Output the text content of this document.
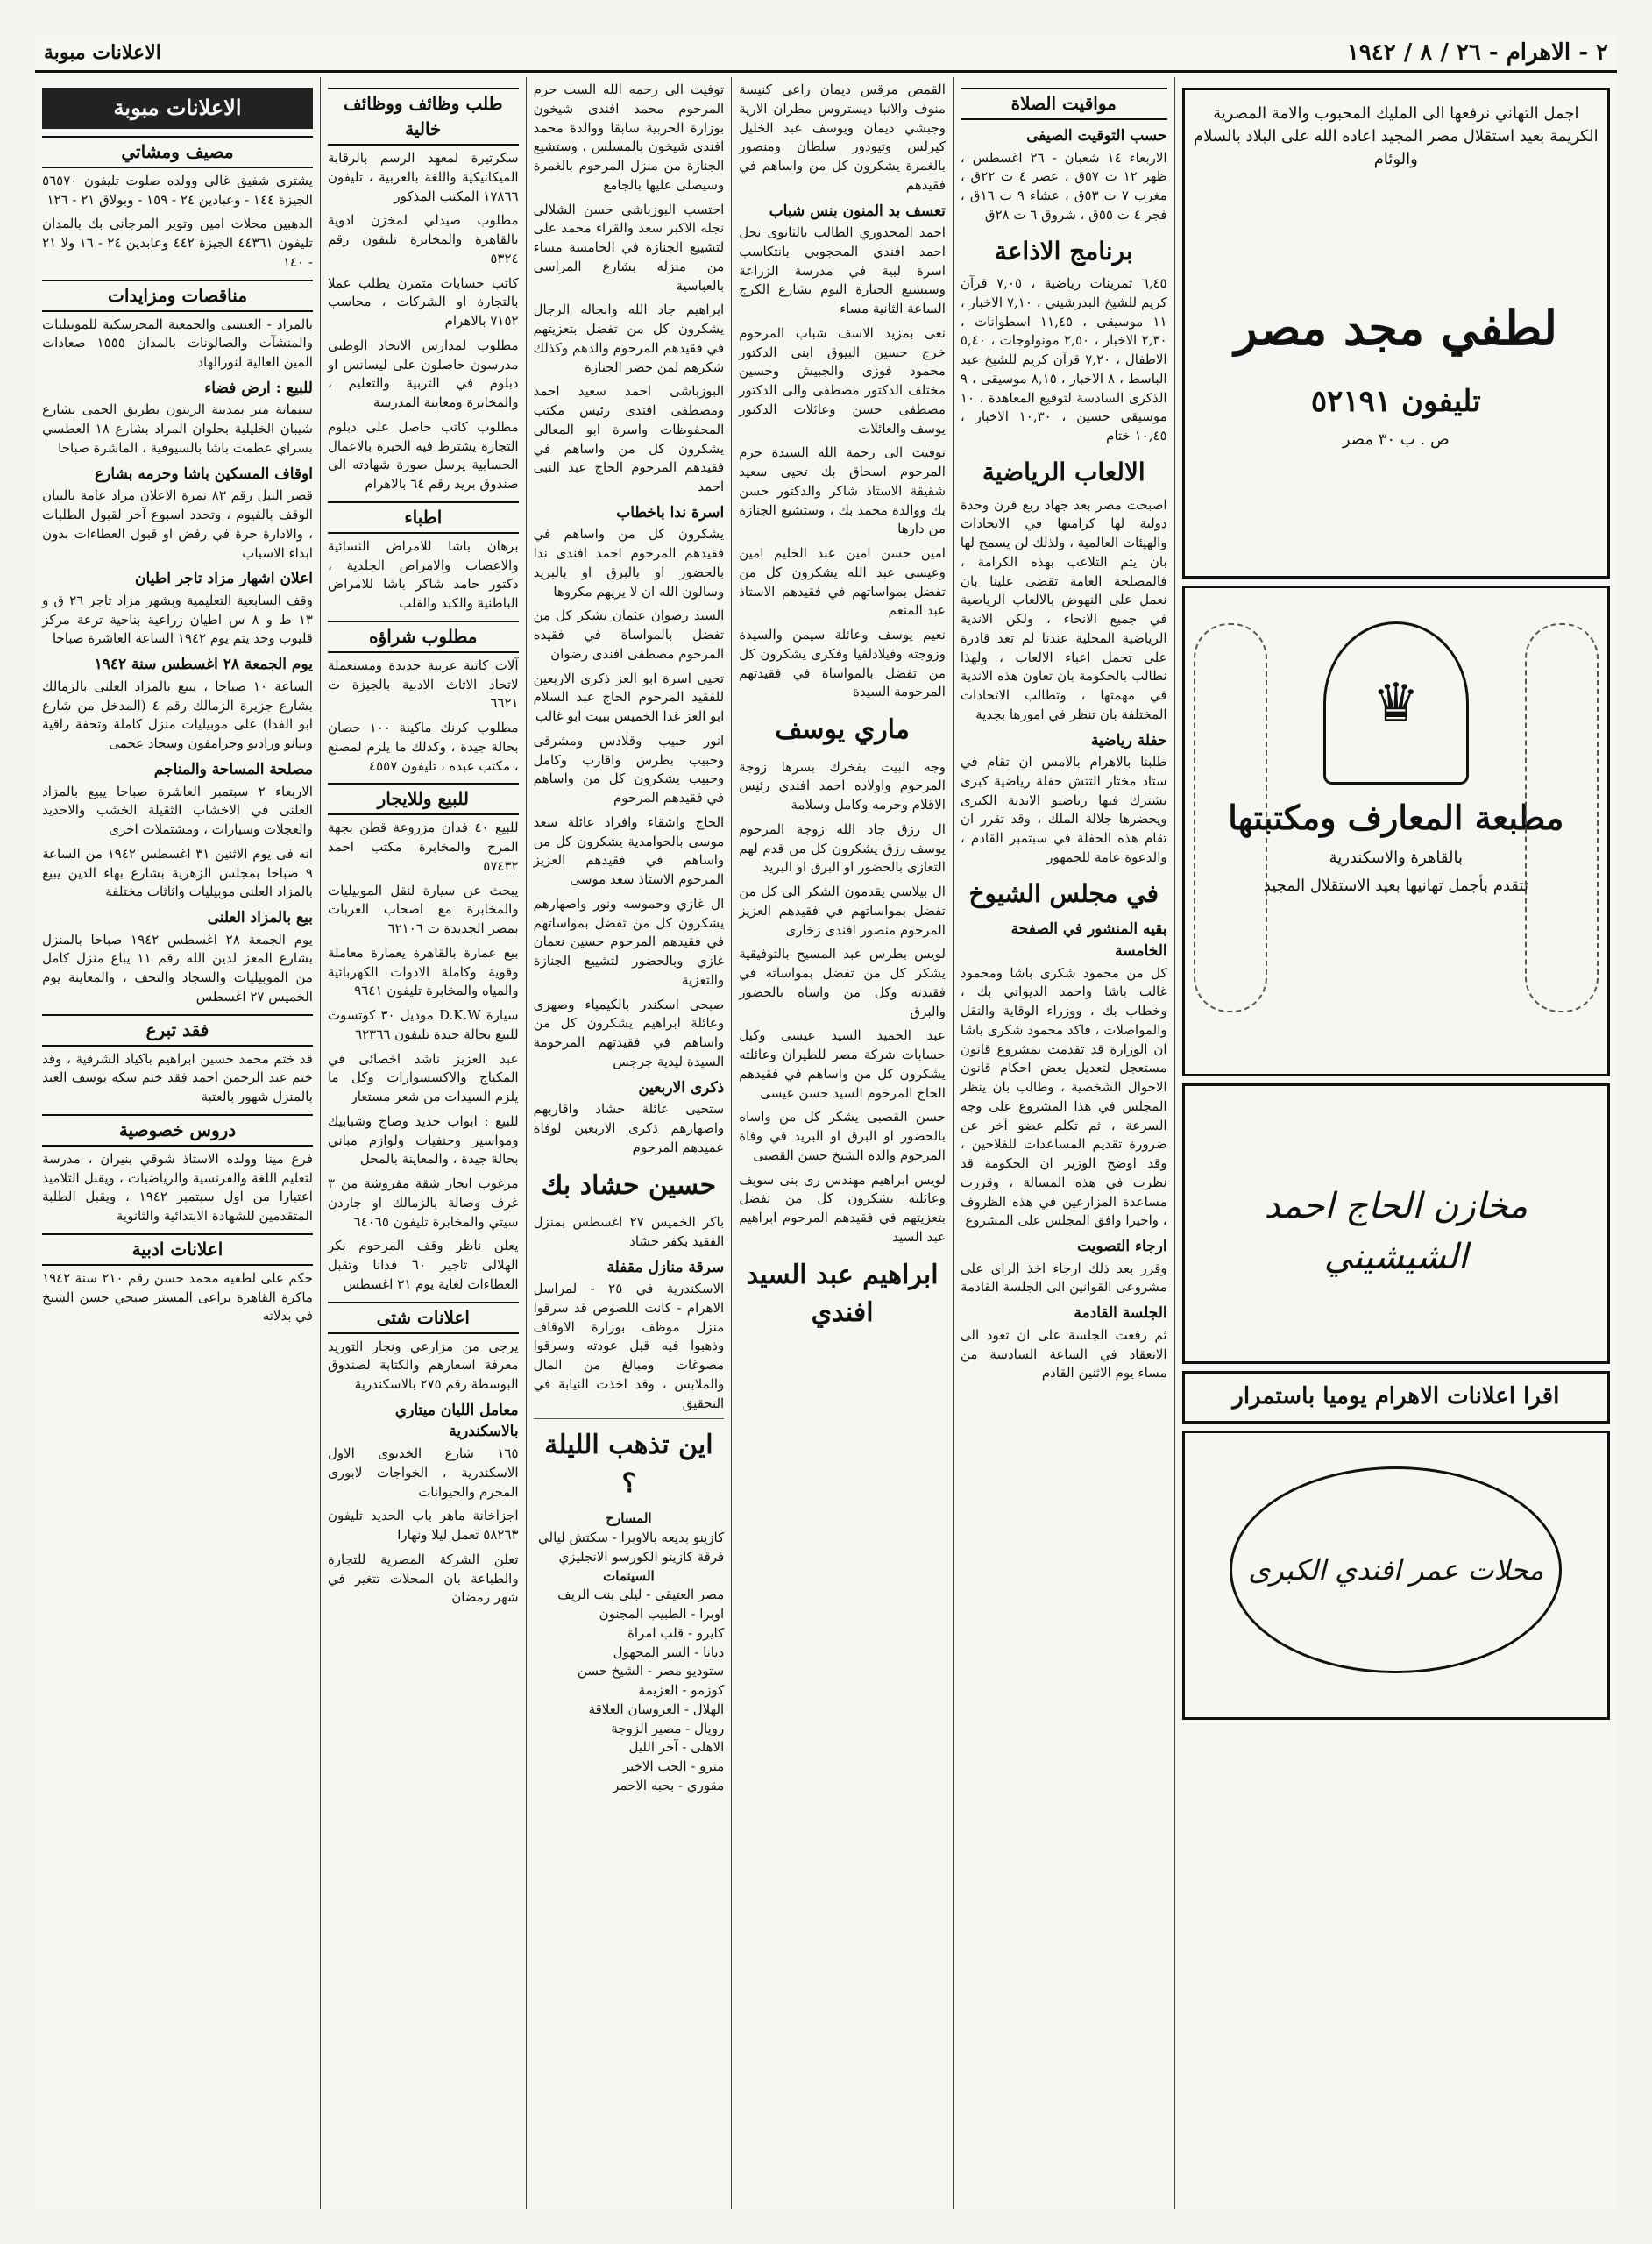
٢ - الاهرام - ٢٦ / ٨ / ١٩٤٢
الاعلانات مبوبة
اجمل التهاني نرفعها الى المليك المحبوب والامة المصرية الكريمة بعيد استقلال مصر المجيد اعاده الله على البلاد بالسلام والوئام
لطفي مجد مصر
تليفون ٥٢١٩١
ص . ب ٣٠ مصر
♛
مطبعة المعارف ومكتبتها
بالقاهرة والاسكندرية
تتقدم بأجمل تهانيها بعيد الاستقلال المجيد
مخازن الحاج احمد الشيشيني
اقرا اعلانات الاهرام يوميا باستمرار
محلات عمر افندي الكبرى
مواقيت الصلاة
حسب التوقيت الصيفى

الاربعاء ١٤ شعبان - ٢٦ اغسطس ، ظهر ١٢ ت ٥٧ق ، عصر ٤ ت ٢٢ق ، مغرب ٧ ت ٥٣ق ، عشاء ٩ ت ١٦ق ، فجر ٤ ت ٥٥ق ، شروق ٦ ت ٢٨ق

برنامج الاذاعة

٦,٤٥ تمرينات رياضية ، ٧,٠٥ قرآن كريم للشيخ البدرشيني ، ٧,١٠ الاخبار ، ١١ موسيقى ، ١١,٤٥ اسطوانات ، ٢,٣٠ الاخبار ، ٢,٥٠ مونولوجات ، ٥,٤٠ الاطفال ، ٧,٢٠ قرآن كريم للشيخ عبد الباسط ، ٨ الاخبار ، ٨,١٥ موسيقى ، ٩ الذكرى السادسة لتوقيع المعاهدة ، ١٠ موسيقى حسين ، ١٠,٣٠ الاخبار ، ١٠,٤٥ ختام

الالعاب الرياضية

اصبحت مصر بعد جهاد ربع قرن وحدة دولية لها كرامتها في الاتحادات والهيئات العالمية ، ولذلك لن يسمح لها بان يتم التلاعب بهذه الكرامة ، فالمصلحة العامة تقضى علينا بان نعمل على النهوض بالالعاب الرياضية في جميع الانحاء ، ولكن الاندية الرياضية المحلية عندنا لم تعد قادرة على تحمل اعباء الالعاب ، ولهذا نطالب بالحكومة بان تعاون هذه الاندية في مهمتها ، وتطالب الاتحادات المختلفة بان تنظر في امورها بجدية

حفلة رياضية

طلبنا بالاهرام بالامس ان تقام في ستاد مختار التتش حفلة رياضية كبرى يشترك فيها رياضيو الاندية الكبرى ويحضرها جلالة الملك ، وقد تقرر ان تقام هذه الحفلة في سبتمبر القادم ، والدعوة عامة للجمهور

في مجلس الشيوخ
بقيه المنشور في الصفحة الخامسة

كل من محمود شكرى باشا ومحمود غالب باشا واحمد الديواني بك ، وخطاب بك ، ووزراء الوقاية والنقل والمواصلات ، فاكد محمود شكرى باشا ان الوزارة قد تقدمت بمشروع قانون مستعجل لتعديل بعض احكام قانون الاحوال الشخصية ، وطالب بان ينظر المجلس في هذا المشروع على وجه السرعة ، ثم تكلم عضو آخر عن ضرورة تقديم المساعدات للفلاحين ، وقد اوضح الوزير ان الحكومة قد نظرت في هذه المسالة ، وقررت مساعدة المزارعين في هذه الظروف ، واخيرا وافق المجلس على المشروع

ارجاء التصويت

وقرر بعد ذلك ارجاء اخذ الراى على مشروعى القوانين الى الجلسة القادمة

الجلسة القادمة

ثم رفعت الجلسة على ان تعود الى الانعقاد في الساعة السادسة من مساء يوم الاثنين القادم

القمص مرقس ديمان راعى كنيسة منوف والانبا ديستروس مطران الارية وجبشي ديمان ويوسف عبد الخليل كيرلس وتيودور سلطان ومنصور بالغمرة يشكرون كل من واساهم في فقيدهم

تعسف بد المنون بنس شباب

احمد المجدوري الطالب بالثانوى نجل احمد افندي المحجوبي بانتكاسب اسرة لبية في مدرسة الزراعة وسيشيع الجنازة اليوم بشارع الكرج الساعة الثانية مساء

نعى بمزيد الاسف شباب المرحوم خرج حسين البيوق ابنى الدكتور محمود فوزى والجبيش وحسين مختلف الدكتور مصطفى والى الدكتور مصطفى حسن وعائلات الدكتور يوسف والعائلات

توفيت الى رحمة الله السيدة حرم المرحوم اسحاق بك تحيى سعيد شقيقة الاستاذ شاكر والدكتور حسن بك ووالدة محمد بك ، وستشيع الجنازة من دارها

امين حسن امين عبد الحليم امين وعيسى عبد الله يشكرون كل من تفضل بمواساتهم في فقيدهم الاستاذ عبد المنعم

نعيم يوسف وعائلة سيمن والسيدة وزوجته وفيلادلفيا وفكرى يشكرون كل من تفضل بالمواساة في فقيدتهم المرحومة السيدة

ماري يوسف

وجه البيت بفخرك بسرها زوجة المرحوم واولاده احمد افندي رئيس الاقلام وحرمه وكامل وسلامة

ال رزق جاد الله زوجة المرحوم يوسف رزق يشكرون كل من قدم لهم التعازى بالحضور او البرق او البريد

ال بيلاسي يقدمون الشكر الى كل من تفضل بمواساتهم في فقيدهم العزيز المرحوم منصور افندى زخارى

لويس بطرس عبد المسيح بالتوفيقية يشكر كل من تفضل بمواساته في فقيدته وكل من واساه بالحضور والبرق

عبد الحميد السيد عيسى وكيل حسابات شركة مصر للطيران وعائلته يشكرون كل من واساهم في فقيدهم الحاج المرحوم السيد حسن عيسى

حسن القصبى يشكر كل من واساه بالحضور او البرق او البريد في وفاة المرحوم والده الشيخ حسن القصبى

لويس ابراهيم مهندس رى بنى سويف وعائلته يشكرون كل من تفضل بتعزيتهم في فقيدهم المرحوم ابراهيم عبد السيد

ابراهيم عبد السيد افندي

توفيت الى رحمه الله الست حرم المرحوم محمد افندى شيخون بوزارة الحربية سابقا ووالدة محمد افندى شيخون بالمسلس ، وستشيع الجنازة من منزل المرحوم بالغمرة وسيصلى عليها بالجامع

احتسب البوزباشى حسن الشلالى نجله الاكبر سعد والقراء محمد على لتشييع الجنازة في الخامسة مساء من منزله بشارع المراسى بالعباسية

ابراهيم جاد الله وانجاله الرجال يشكرون كل من تفضل بتعزيتهم في فقيدهم المرحوم والدهم وكذلك شكرهم لمن حضر الجنازة

البوزباشى احمد سعيد احمد ومصطفى افندى رئيس مكتب المحفوظات واسرة ابو المعالى يشكرون كل من واساهم في فقيدهم المرحوم الحاج عبد النبى احمد

اسرة ندا باخطاب

يشكرون كل من واساهم في فقيدهم المرحوم احمد افندى ندا بالحضور او بالبرق او بالبريد وسالون الله ان لا يريهم مكروها

السيد رضوان عثمان يشكر كل من تفضل بالمواساة في فقيده المرحوم مصطفى افندى رضوان

تحيى اسرة ابو العز ذكرى الاربعين للفقيد المرحوم الحاج عبد السلام ابو العز غدا الخميس ببيت ابو غالب

انور حبيب وقلادس ومشرقى وحبيب بطرس واقارب وكامل وحبيب يشكرون كل من واساهم في فقيدهم المرحوم

الحاج واشقاء وافراد عائلة سعد موسى بالحوامدية يشكرون كل من واساهم في فقيدهم العزيز المرحوم الاستاذ سعد موسى

ال غازي وحموسه ونور واصهارهم يشكرون كل من تفضل بمواساتهم في فقيدهم المرحوم حسين نعمان غازي وبالحضور لتشييع الجنازة والتعزية

صبحى اسكندر بالكيمياء وصهرى وعائلة ابراهيم يشكرون كل من واساهم في فقيدتهم المرحومة السيدة ليدية جرجس

ذكرى الاربعين

ستحيى عائلة حشاد واقاربهم واصهارهم ذكرى الاربعين لوفاة عميدهم المرحوم

حسين حشاد بك

باكر الخميس ٢٧ اغسطس بمنزل الفقيد بكفر حشاد

سرقة منازل مقفلة

الاسكندرية في ٢٥ - لمراسل الاهرام - كانت اللصوص قد سرقوا منزل موظف بوزارة الاوقاف وذهبوا فيه قبل عودته وسرقوا مصوغات ومبالغ من المال والملابس ، وقد اخذت النيابة في التحقيق

اين تذهب الليلة ؟
المسارح
كازينو بديعه بالاوبرا - سكتش ليالي
فرقة كازينو الكورسو الانجليزي
السينمات
مصر العتيقى - ليلى بنت الريف
اوبرا - الطبيب المجنون
كايرو - قلب امراة
ديانا - السر المجهول
ستوديو مصر - الشيخ حسن
كوزمو - العزيمة
الهلال - العروسان العلاقة
رويال - مصير الزوجة
الاهلى - آخر الليل
مترو - الحب الاخير
مقوري - بحبه الاحمر
طلب وظائف ووظائف خالية

سكرتيرة لمعهد الرسم بالرقابة الميكانيكية واللغة بالعربية ، تليفون ١٧٨٦٦ المكتب المذكور

مطلوب صيدلي لمخزن ادوية بالقاهرة والمخابرة تليفون رقم ٥٣٢٤

كاتب حسابات متمرن يطلب عملا بالتجارة او الشركات ، محاسب ٧١٥٢ بالاهرام

مطلوب لمدارس الاتحاد الوطنى مدرسون حاصلون على ليسانس او دبلوم في التربية والتعليم ، والمخابرة ومعاينة المدرسة

مطلوب كاتب حاصل على دبلوم التجارة يشترط فيه الخبرة بالاعمال الحسابية يرسل صورة شهادته الى صندوق بريد رقم ٦٤ بالاهرام

اطباء

برهان باشا للامراض النسائية والاعصاب والامراض الجلدية ، دكتور حامد شاكر باشا للامراض الباطنية والكبد والقلب

مطلوب شراؤه

آلات كاتبة عربية جديدة ومستعملة لاتحاد الاثاث الادبية بالجيزة ت ٦٦٢١

مطلوب كرنك ماكينة ١٠٠ حصان بحالة جيدة ، وكذلك ما يلزم لمصنع ، مكتب عبده ، تليفون ٤٥٥٧

للبيع وللايجار

للبيع ٤٠ فدان مزروعة قطن بجهة المرج والمخابرة مكتب احمد ٥٧٤٣٢

يبحث عن سيارة لنقل الموبيليات والمخابرة مع اصحاب العربات بمصر الجديدة ت ٦٢١٠٦

بيع عمارة بالقاهرة يعمارة معاملة وقوية وكاملة الادوات الكهربائية والمياه والمخابرة تليفون ٩٦٤١

سيارة D.K.W موديل ٣٠ كوتسوت للبيع بحالة جيدة تليفون ٦٢٣٦٦

عبد العزيز ناشد اخصائى في المكياج والاكسسوارات وكل ما يلزم السيدات من شعر مستعار

للبيع : ابواب حديد وصاج وشبابيك ومواسير وحنفيات ولوازم مباني بحالة جيدة ، والمعاينة بالمحل

مرغوب ايجار شقة مفروشة من ٣ غرف وصالة بالزمالك او جاردن سيتي والمخابرة تليفون ٦٤٠٦٥

يعلن ناظر وقف المرحوم بكر الهلالى تاجير ٦٠ فدانا وتقبل العطاءات لغاية يوم ٣١ اغسطس

اعلانات شتى

يرجى من مزارعي ونجار التوريد معرفة اسعارهم والكتابة لصندوق البوسطة رقم ٢٧٥ بالاسكندرية

معامل الليان ميتاري بالاسكندرية

١٦٥ شارع الخديوى الاول الاسكندرية ، الخواجات لابورى المحرم والحيوانات

اجزاخانة ماهر باب الحديد تليفون ٥٨٢٦٣ تعمل ليلا ونهارا

تعلن الشركة المصرية للتجارة والطباعة بان المحلات تتغير في شهر رمضان

الاعلانات مبوبة
مصيف ومشاتي

يشترى شفيق غالى وولده صلوت تليفون ٥٦٥٧٠ الجيزة ١٤٤ - وعبادين ٢٤ - ١٥٩ - وبولاق ٢١ - ١٢٦

الدهبين محلات امين وتوير المرجانى بك بالمدان تليفون ٤٤٣٦١ الجيزة ٤٤٢ وعابدين ٢٤ - ١٦ ولا ٢١ - ١٤٠

مناقصات ومزايدات

بالمزاد - العنسى والجمعية المحرسكية للموبيليات والمنشآت والصالونات بالمدان ١٥٥٥ صعادات المين العالية لنورالهاد

للبيع : ارض فضاء

سيماتة متر بمدينة الزيتون بطريق الحمى بشارع شيبان الخليلية بحلوان المراد بشارع ١٨ العطسي بسراي عطمت باشا بالسيوفية ، الماشرة صباحا

اوقاف المسكين باشا وحرمه بشارع

قصر النيل رقم ٨٣ نمرة الاعلان مزاد عامة بالبيان الوقف بالفيوم ، وتحدد اسبوع آخر لقبول الطلبات ، والادارة حرة في رفض او قبول العطاءات بدون ابداء الاسباب

اعلان اشهار مزاد تاجر اطيان

وقف السابعية التعليمية وبشهر مزاد تاجر ٢٦ ق و ١٣ ط و ٨ س اطيان زراعية بناحية ترعة مركز قليوب وحد يتم يوم ١٩٤٢ الساعة العاشرة صباحا

يوم الجمعة ٢٨ اغسطس سنة ١٩٤٢

الساعة ١٠ صباحا ، يبيع بالمزاد العلنى بالزمالك بشارع جزيرة الزمالك رقم ٤ (المدخل من شارع ابو الفدا) على موبيليات منزل كاملة وتحفة راقية وبيانو وراديو وجرامفون وسجاد عجمى

مصلحة المساحة والمناجم

الاربعاء ٢ سبتمبر العاشرة صباحا يبيع بالمزاد العلنى في الاخشاب الثقيلة الخشب والاحديد والعجلات وسيارات ، ومشتملات اخرى

انه فى يوم الاثنين ٣١ اغسطس ١٩٤٢ من الساعة ٩ صباحا بمجلس الزهرية بشارع بهاء الدين يبيع بالمزاد العلنى موبيليات واثاثات مختلفة

بيع بالمزاد العلنى

يوم الجمعة ٢٨ اغسطس ١٩٤٢ صباحا بالمنزل بشارع المعز لدين الله رقم ١١ يباع منزل كامل من الموبيليات والسجاد والتحف ، والمعاينة يوم الخميس ٢٧ اغسطس

فقد تبرع

قد ختم محمد حسين ابراهيم باكياد الشرقية ، وقد ختم عبد الرحمن احمد فقد ختم سكه يوسف العبد بالمنزل شهور بالعتبة

دروس خصوصية

فرع مينا وولده الاستاذ شوقي بنيران ، مدرسة لتعليم اللغة والفرنسية والرياضيات ، ويقبل التلاميذ اعتبارا من اول سبتمبر ١٩٤٢ ، ويقبل الطلبة المتقدمين للشهادة الابتدائية والثانوية

اعلانات ادبية

حكم على لطفيه محمد حسن رقم ٢١٠ سنة ١٩٤٢ ماكرة القاهرة يراعى المستر صبحي حسن الشيخ في بدلاته
